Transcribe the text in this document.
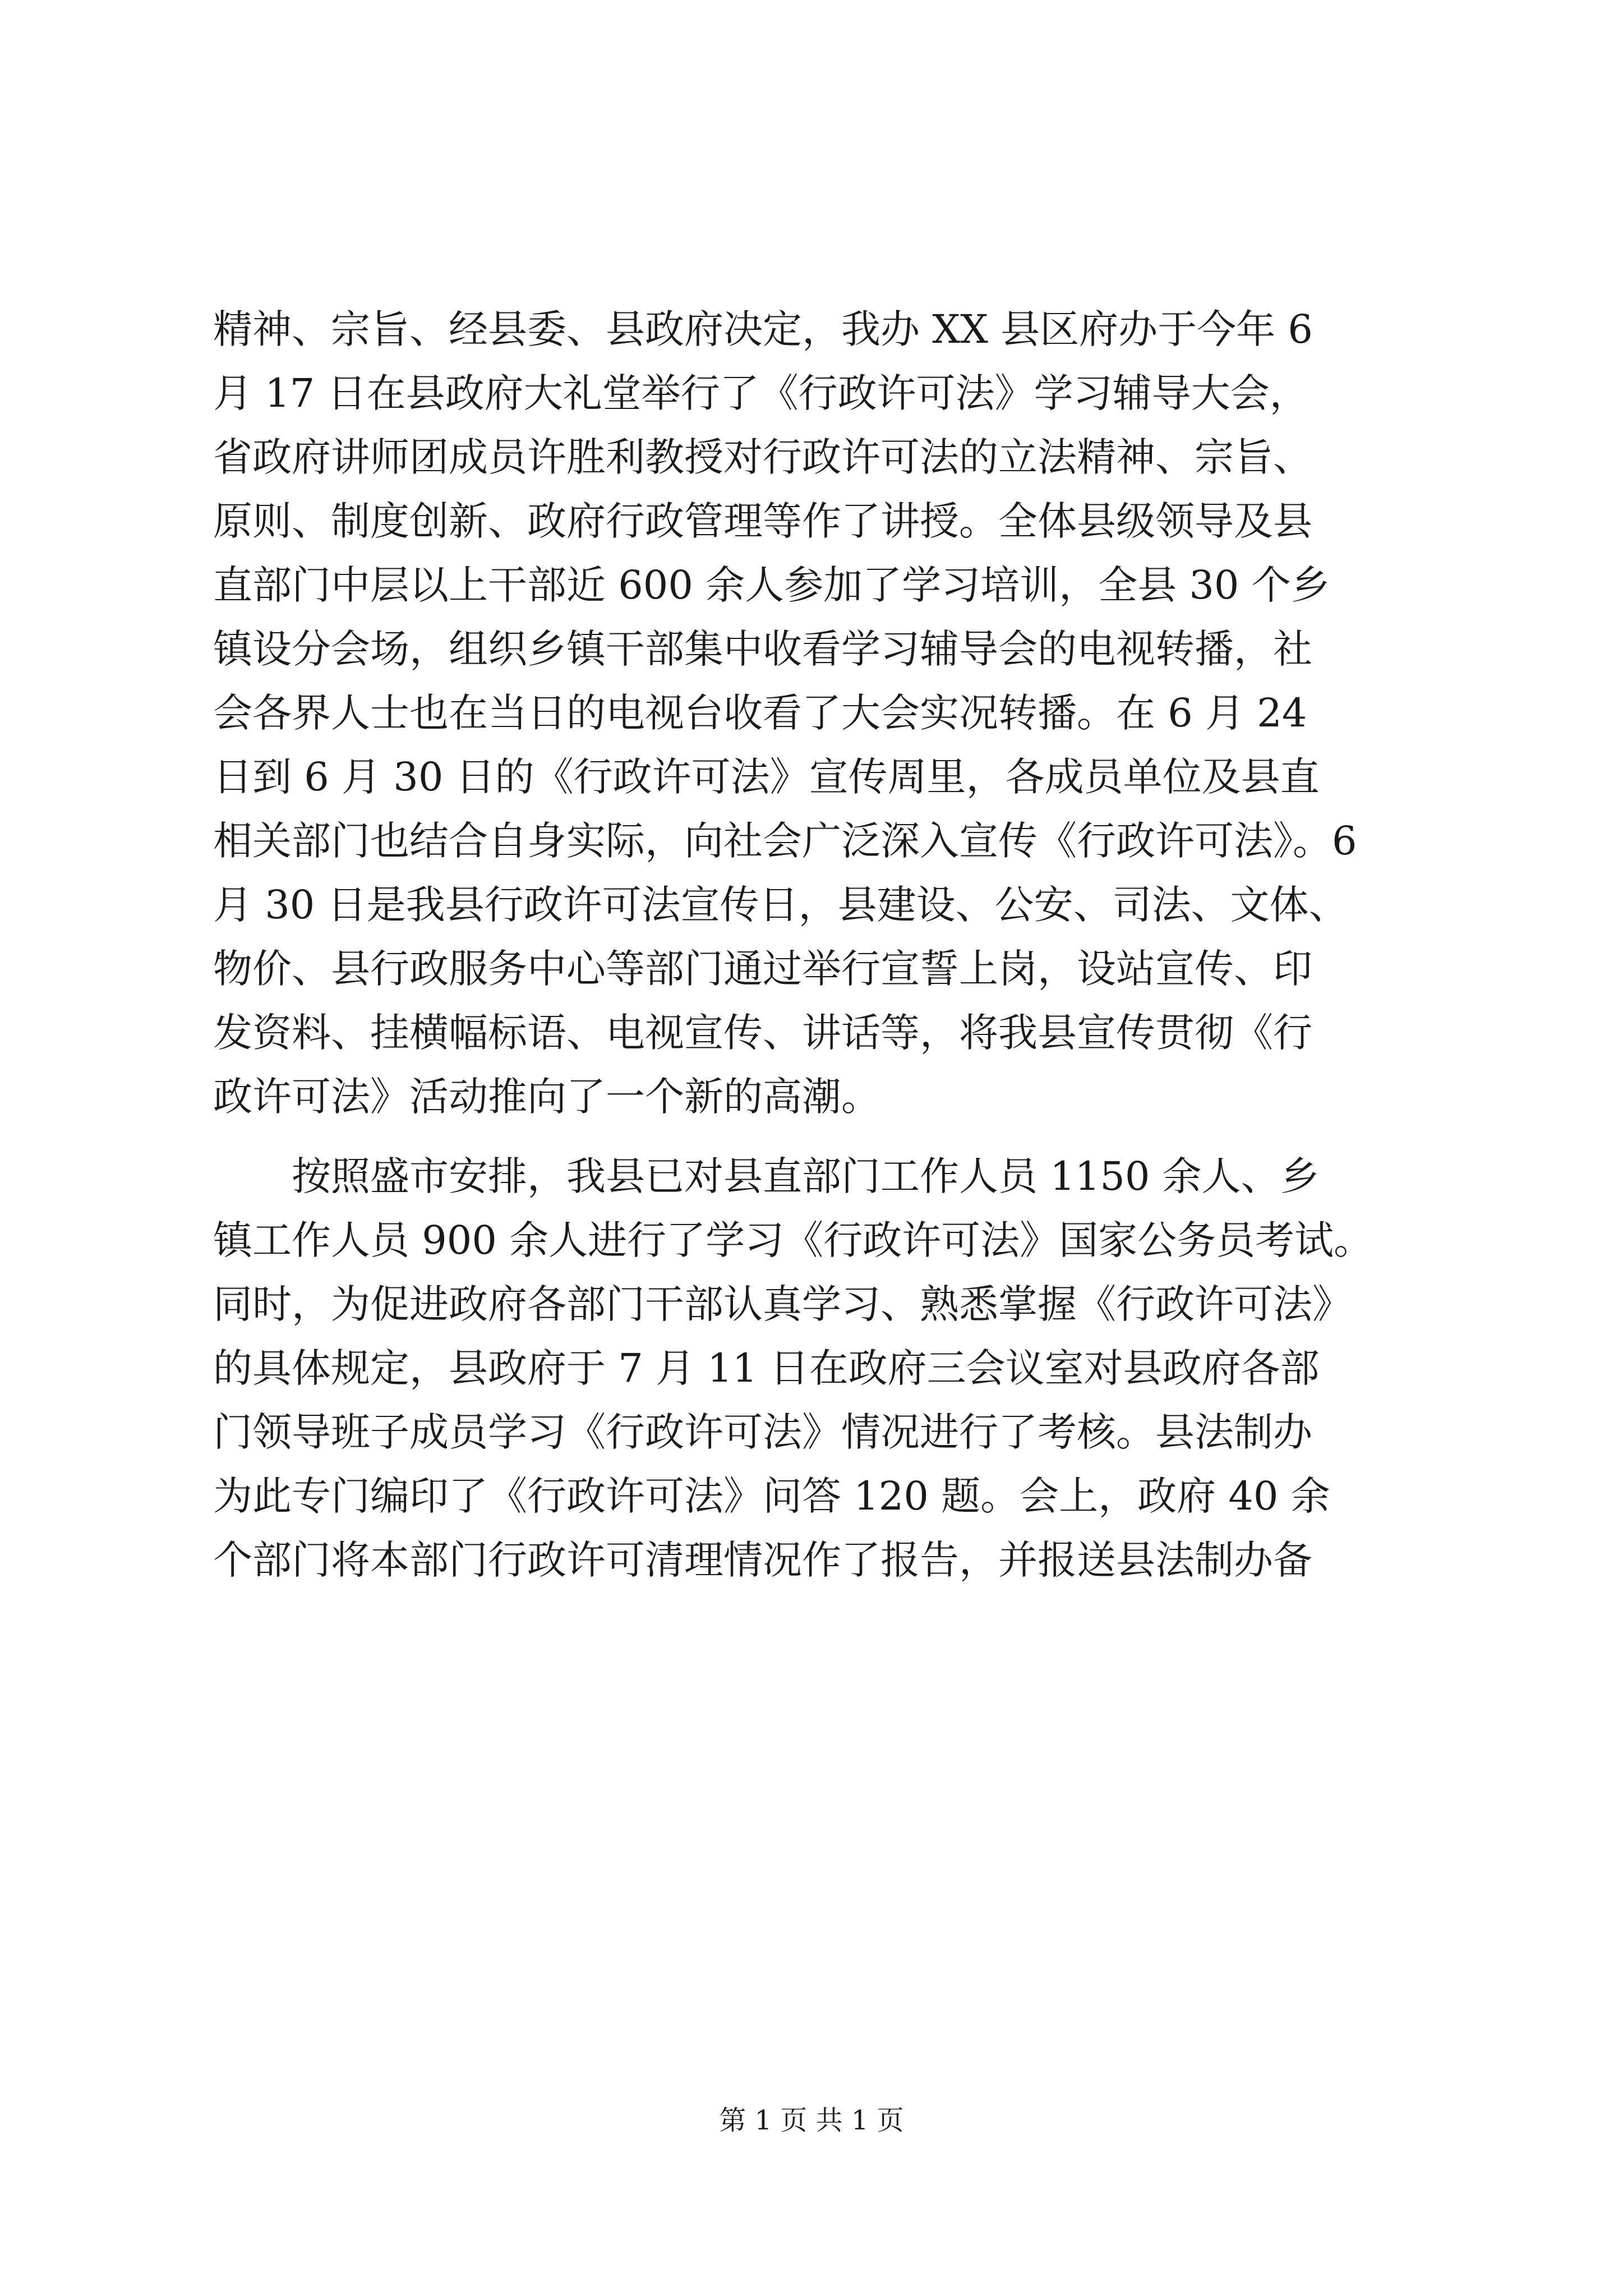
精神、宗旨、经县委、县政府决定，我办 XX 县区府办于今年 6
月 17 日在县政府大礼堂举行了《行政许可法》学习辅导大会，
省政府讲师团成员许胜利教授对行政许可法的立法精神、宗旨、
原则、制度创新、政府行政管理等作了讲授。全体县级领导及县
直部门中层以上干部近 600 余人参加了学习培训，全县 30 个乡
镇设分会场，组织乡镇干部集中收看学习辅导会的电视转播，社
会各界人士也在当日的电视台收看了大会实况转播。在 6 月 24
日到 6 月 30 日的《行政许可法》宣传周里，各成员单位及县直
相关部门也结合自身实际，向社会广泛深入宣传《行政许可法》。6
月 30 日是我县行政许可法宣传日，县建设、公安、司法、文体、
物价、县行政服务中心等部门通过举行宣誓上岗，设站宣传、印
发资料、挂横幅标语、电视宣传、讲话等，将我县宣传贯彻《行
政许可法》活动推向了一个新的高潮。
　　按照盛市安排，我县已对县直部门工作人员 1150 余人、乡
镇工作人员 900 余人进行了学习《行政许可法》国家公务员考试。
同时，为促进政府各部门干部认真学习、熟悉掌握《行政许可法》
的具体规定，县政府于 7 月 11 日在政府三会议室对县政府各部
门领导班子成员学习《行政许可法》情况进行了考核。县法制办
为此专门编印了《行政许可法》问答 120 题。会上，政府 40 余
个部门将本部门行政许可清理情况作了报告，并报送县法制办备
第 1 页 共 1 页
